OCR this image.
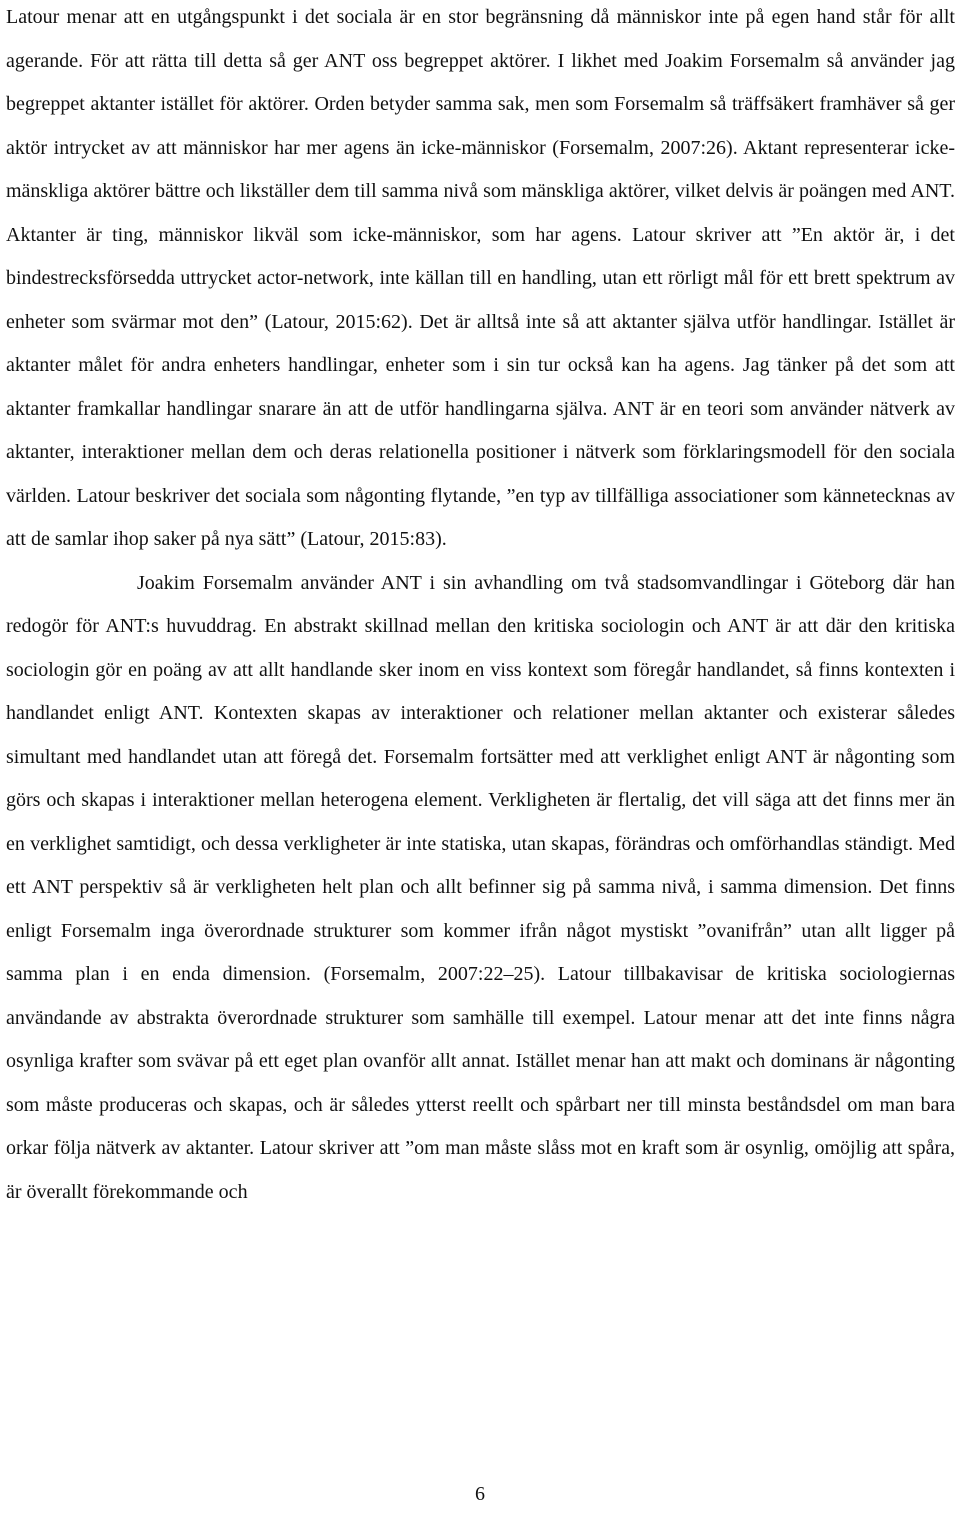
Latour menar att en utgångspunkt i det sociala är en stor begränsning då människor inte på egen hand står för allt agerande. För att rätta till detta så ger ANT oss begreppet aktörer. I likhet med Joakim Forsemalm så använder jag begreppet aktanter istället för aktörer. Orden betyder samma sak, men som Forsemalm så träffsäkert framhäver så ger aktör intrycket av att människor har mer agens än icke-människor (Forsemalm, 2007:26). Aktant representerar icke-mänskliga aktörer bättre och likställer dem till samma nivå som mänskliga aktörer, vilket delvis är poängen med ANT. Aktanter är ting, människor likväl som icke-människor, som har agens. Latour skriver att ”En aktör är, i det bindestrecksförsedda uttrycket actor-network, inte källan till en handling, utan ett rörligt mål för ett brett spektrum av enheter som svärmar mot den” (Latour, 2015:62). Det är alltså inte så att aktanter själva utför handlingar. Istället är aktanter målet för andra enheters handlingar, enheter som i sin tur också kan ha agens. Jag tänker på det som att aktanter framkallar handlingar snarare än att de utför handlingarna själva. ANT är en teori som använder nätverk av aktanter, interaktioner mellan dem och deras relationella positioner i nätverk som förklaringsmodell för den sociala världen. Latour beskriver det sociala som någonting flytande, ”en typ av tillfälliga associationer som kännetecknas av att de samlar ihop saker på nya sätt” (Latour, 2015:83).

Joakim Forsemalm använder ANT i sin avhandling om två stadsomvandlingar i Göteborg där han redogör för ANT:s huvuddrag. En abstrakt skillnad mellan den kritiska sociologin och ANT är att där den kritiska sociologin gör en poäng av att allt handlande sker inom en viss kontext som föregår handlandet, så finns kontexten i handlandet enligt ANT. Kontexten skapas av interaktioner och relationer mellan aktanter och existerar således simultant med handlandet utan att föregå det. Forsemalm fortsätter med att verklighet enligt ANT är någonting som görs och skapas i interaktioner mellan heterogena element. Verkligheten är flertalig, det vill säga att det finns mer än en verklighet samtidigt, och dessa verkligheter är inte statiska, utan skapas, förändras och omförhandlas ständigt. Med ett ANT perspektiv så är verkligheten helt plan och allt befinner sig på samma nivå, i samma dimension. Det finns enligt Forsemalm inga överordnade strukturer som kommer ifrån något mystiskt ”ovanifrån” utan allt ligger på samma plan i en enda dimension. (Forsemalm, 2007:22–25). Latour tillbakavisar de kritiska sociologiernas användande av abstrakta överordnade strukturer som samhälle till exempel. Latour menar att det inte finns några osynliga krafter som svävar på ett eget plan ovanför allt annat. Istället menar han att makt och dominans är någonting som måste produceras och skapas, och är således ytterst reellt och spårbart ner till minsta beståndsdel om man bara orkar följa nätverk av aktanter. Latour skriver att ”om man måste slåss mot en kraft som är osynlig, omöjlig att spåra, är överallt förekommande och

6
